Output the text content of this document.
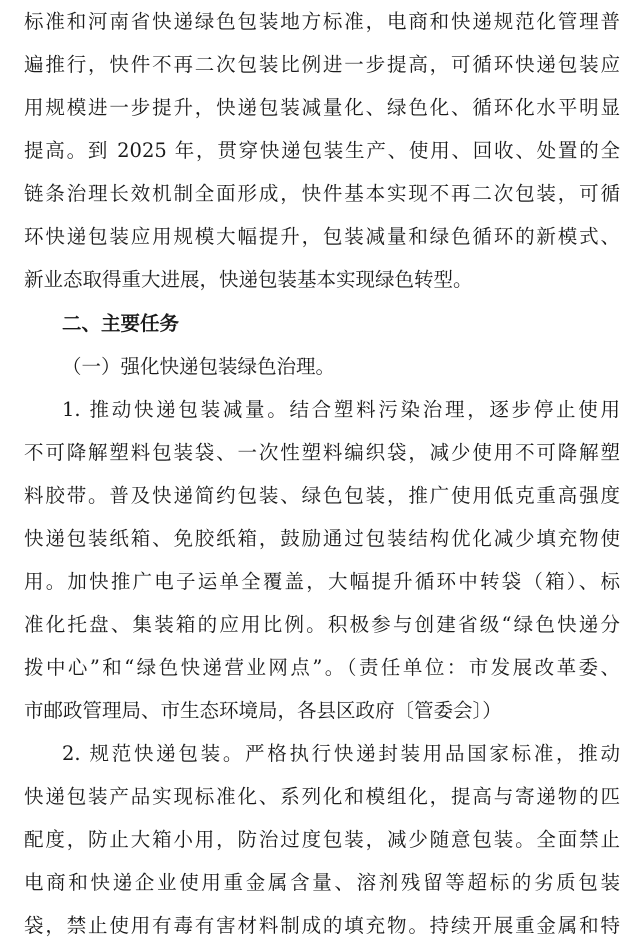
标准和河南省快递绿色包装地方标准，电商和快递规范化管理普
遍推行，快件不再二次包装比例进一步提高，可循环快递包装应
用规模进一步提升，快递包装减量化、绿色化、循环化水平明显
提高。到 2025 年，贯穿快递包装生产、使用、回收、处置的全
链条治理长效机制全面形成，快件基本实现不再二次包装，可循
环快递包装应用规模大幅提升，包装减量和绿色循环的新模式、
新业态取得重大进展，快递包装基本实现绿色转型。
二、主要任务
（一）强化快递包装绿色治理。
1. 推动快递包装减量。结合塑料污染治理，逐步停止使用
不可降解塑料包装袋、一次性塑料编织袋，减少使用不可降解塑
料胶带。普及快递简约包装、绿色包装，推广使用低克重高强度
快递包装纸箱、免胶纸箱，鼓励通过包装结构优化减少填充物使
用。加快推广电子运单全覆盖，大幅提升循环中转袋（箱）、标
准化托盘、集装箱的应用比例。积极参与创建省级“绿色快递分
拨中心”和“绿色快递营业网点”。（责任单位：市发展改革委、
市邮政管理局、市生态环境局，各县区政府〔管委会〕）
2. 规范快递包装。严格执行快递封装用品国家标准，推动
快递包装产品实现标准化、系列化和模组化，提高与寄递物的匹
配度，防止大箱小用，防治过度包装，减少随意包装。全面禁止
电商和快递企业使用重金属含量、溶剂残留等超标的劣质包装
袋，禁止使用有毒有害材料制成的填充物。持续开展重金属和特
